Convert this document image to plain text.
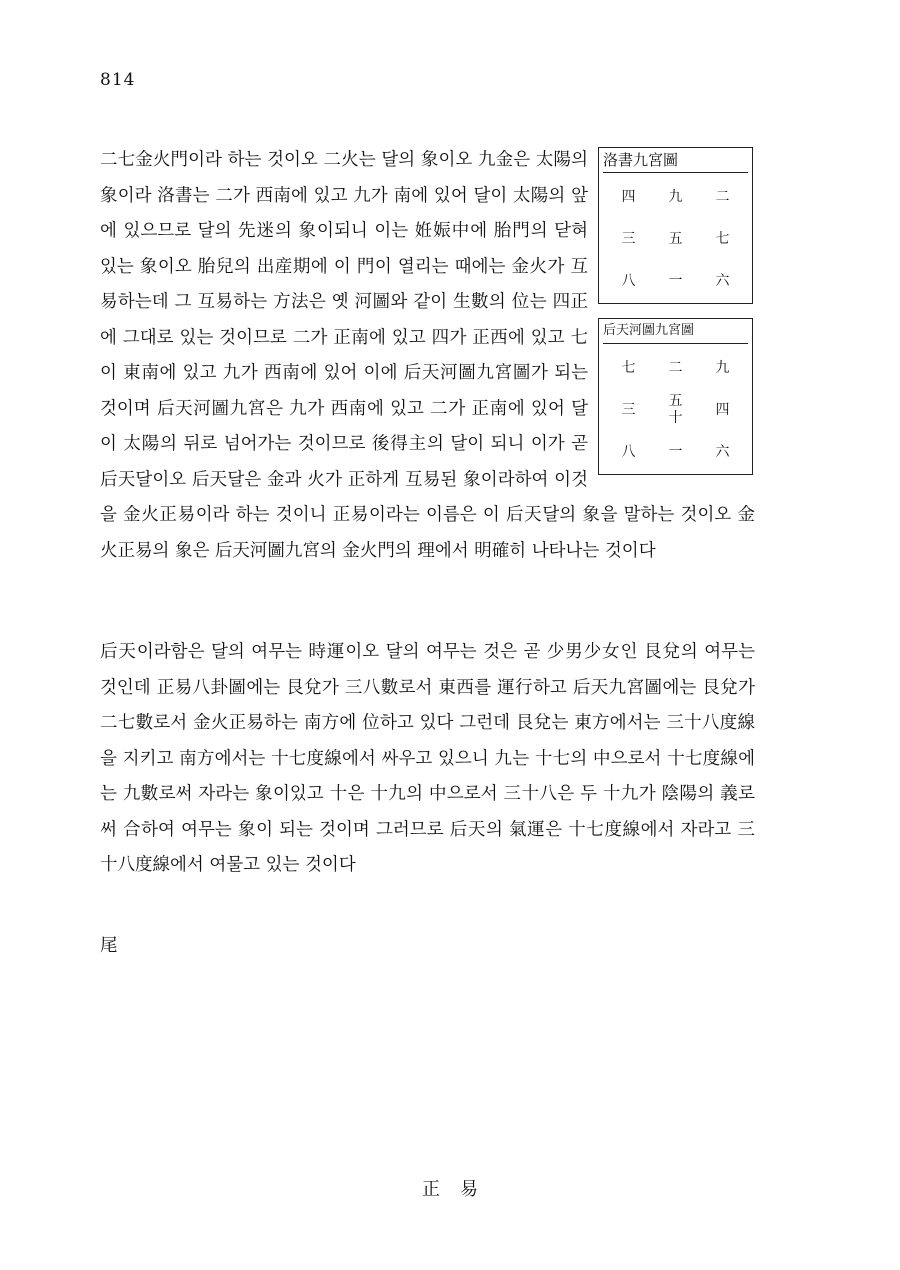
814
洛書九宮圖
四 九 二
三 五 七
八 一 六
后天河圖九宮圖
七 二 九
三
五
十
四
八 一 六
二七金火門이라 하는 것이오 二火는 달의 象이오 九金은 太陽의 象이라 洛書는 二가 西南에 있고 九가 南에 있어 달이 太陽의 앞에 있으므로 달의 先迷의 象이되니 이는 姙娠中에 胎門의 닫혀있는 象이오 胎兒의 出産期에 이 門이 열리는 때에는 金火가 互易하는데 그 互易하는 方法은 옛 河圖와 같이 生數의 位는 四正에 그대로 있는 것이므로 二가 正南에 있고 四가 正西에 있고 七이 東南에 있고 九가 西南에 있어 이에 后天河圖九宮圖가 되는 것이며 后天河圖九宮은 九가 西南에 있고 二가 正南에 있어 달이 太陽의 뒤로 넘어가는 것이므로 後得主의 달이 되니 이가 곧 后天달이오 后天달은 金과 火가 正하게 互易된 象이라하여 이것을 金火正易이라 하는 것이니 正易이라는 이름은 이 后天달의 象을 말하는 것이오 金火正易의 象은 后天河圖九宮의 金火門의 理에서 明確히 나타나는 것이다
后天이라함은 달의 여무는 時運이오 달의 여무는 것은 곧 少男少女인 艮兌의 여무는 것인데 正易八卦圖에는 艮兌가 三八數로서 東西를 運行하고 后天九宮圖에는 艮兌가 二七數로서 金火正易하는 南方에 位하고 있다 그런데 艮兌는 東方에서는 三十八度線을 지키고 南方에서는 十七度線에서 싸우고 있으니 九는 十七의 中으로서 十七度線에는 九數로써 자라는 象이있고 十은 十九의 中으로서 三十八은 두 十九가 陰陽의 義로써 合하여 여무는 象이 되는 것이며 그러므로 后天의 氣運은 十七度線에서 자라고 三十八度線에서 여물고 있는 것이다
尾
正易
